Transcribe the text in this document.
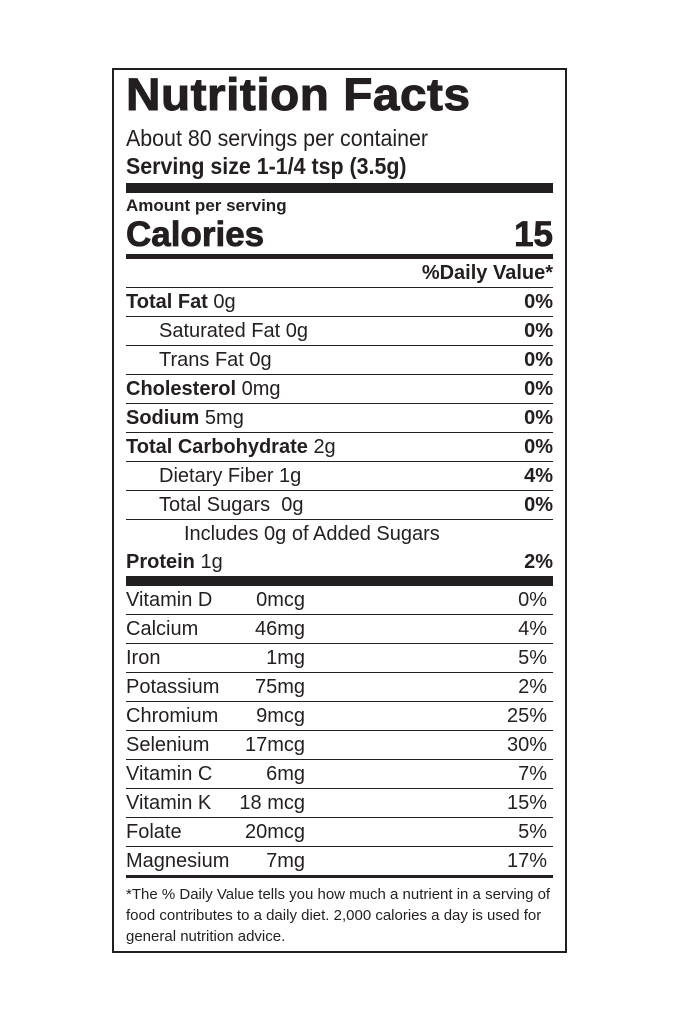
Nutrition Facts
About 80 servings per container
Serving size 1-1/4 tsp (3.5g)
Amount per serving
Calories	15
%Daily Value*
Total Fat 0g	0%
Saturated Fat 0g	0%
Trans Fat 0g	0%
Cholesterol 0mg	0%
Sodium 5mg	0%
Total Carbohydrate 2g	0%
Dietary Fiber 1g	4%
Total Sugars 0g	0%
Includes 0g of Added Sugars
Protein 1g	2%
Vitamin D	0mcg	0%
Calcium	46mg	4%
Iron	1mg	5%
Potassium	75mg	2%
Chromium	9mcg	25%
Selenium	17mcg	30%
Vitamin C	6mg	7%
Vitamin K	18 mcg	15%
Folate	20mcg	5%
Magnesium	7mg	17%
*The % Daily Value tells you how much a nutrient in a serving of food contributes to a daily diet. 2,000 calories a day is used for general nutrition advice.
